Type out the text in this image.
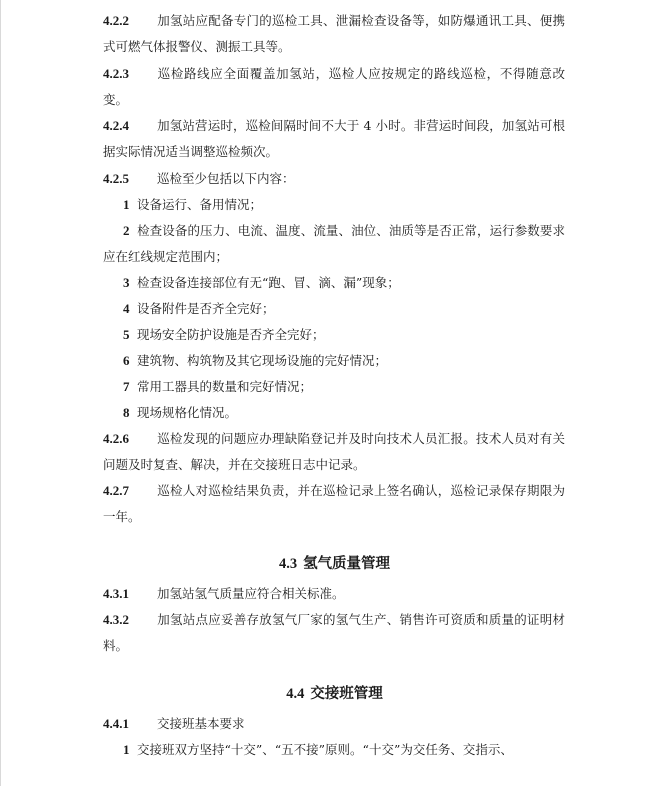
4.2.2 加氢站应配备专门的巡检工具、泄漏检查设备等，如防爆通讯工具、便携式可燃气体报警仪、测振工具等。
4.2.3 巡检路线应全面覆盖加氢站，巡检人应按规定的路线巡检，不得随意改变。
4.2.4 加氢站营运时，巡检间隔时间不大于 4 小时。非营运时间段，加氢站可根据实际情况适当调整巡检频次。
4.2.5 巡检至少包括以下内容：
1 设备运行、备用情况；
2 检查设备的压力、电流、温度、流量、油位、油质等是否正常，运行参数要求应在红线规定范围内；
3 检查设备连接部位有无“跑、冒、滴、漏”现象；
4 设备附件是否齐全完好；
5 现场安全防护设施是否齐全完好；
6 建筑物、构筑物及其它现场设施的完好情况；
7 常用工器具的数量和完好情况；
8 现场规格化情况。
4.2.6 巡检发现的问题应办理缺陷登记并及时向技术人员汇报。技术人员对有关问题及时复查、解决，并在交接班日志中记录。
4.2.7 巡检人对巡检结果负责，并在巡检记录上签名确认，巡检记录保存期限为一年。
4.3 氢气质量管理
4.3.1 加氢站氢气质量应符合相关标准。
4.3.2 加氢站点应妥善存放氢气厂家的氢气生产、销售许可资质和质量的证明材料。
4.4 交接班管理
4.4.1 交接班基本要求
1 交接班双方坚持“十交”、“五不接”原则。“十交”为交任务、交指示、
